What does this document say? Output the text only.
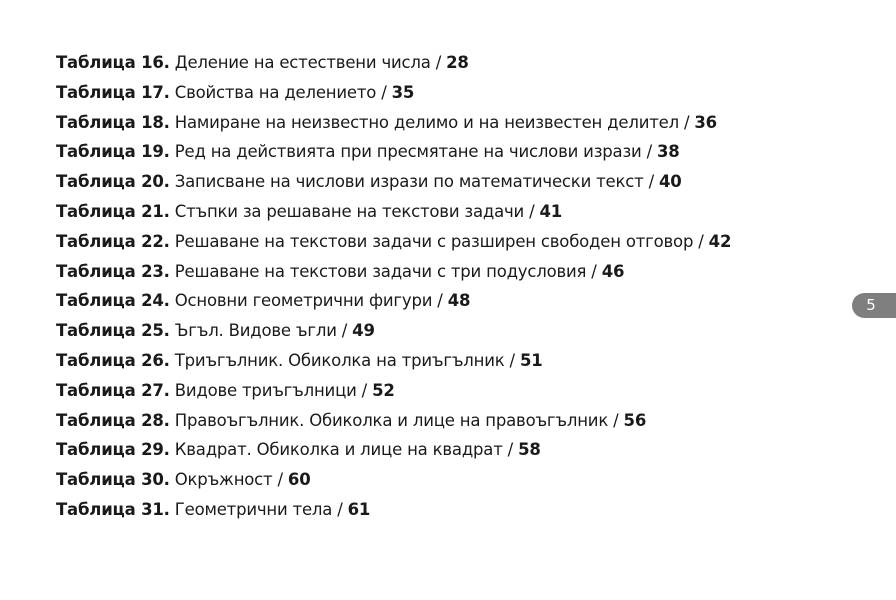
Таблица 16. Деление на естествени числа / 28
Таблица 17. Свойства на делението / 35
Таблица 18. Намиране на неизвестно делимо и на неизвестен делител / 36
Таблица 19. Ред на действията при пресмятане на числови изрази / 38
Таблица 20. Записване на числови изрази по математически текст / 40
Таблица 21. Стъпки за решаване на текстови задачи / 41
Таблица 22. Решаване на текстови задачи с разширен свободен отговор / 42
Таблица 23. Решаване на текстови задачи с три подусловия / 46
Таблица 24. Основни геометрични фигури / 48
Таблица 25. Ъгъл. Видове ъгли / 49
Таблица 26. Триъгълник. Обиколка на триъгълник / 51
Таблица 27. Видове триъгълници / 52
Таблица 28. Правоъгълник. Обиколка и лице на правоъгълник / 56
Таблица 29. Квадрат. Обиколка и лице на квадрат / 58
Таблица 30. Окръжност / 60
Таблица 31. Геометрични тела / 61
5
